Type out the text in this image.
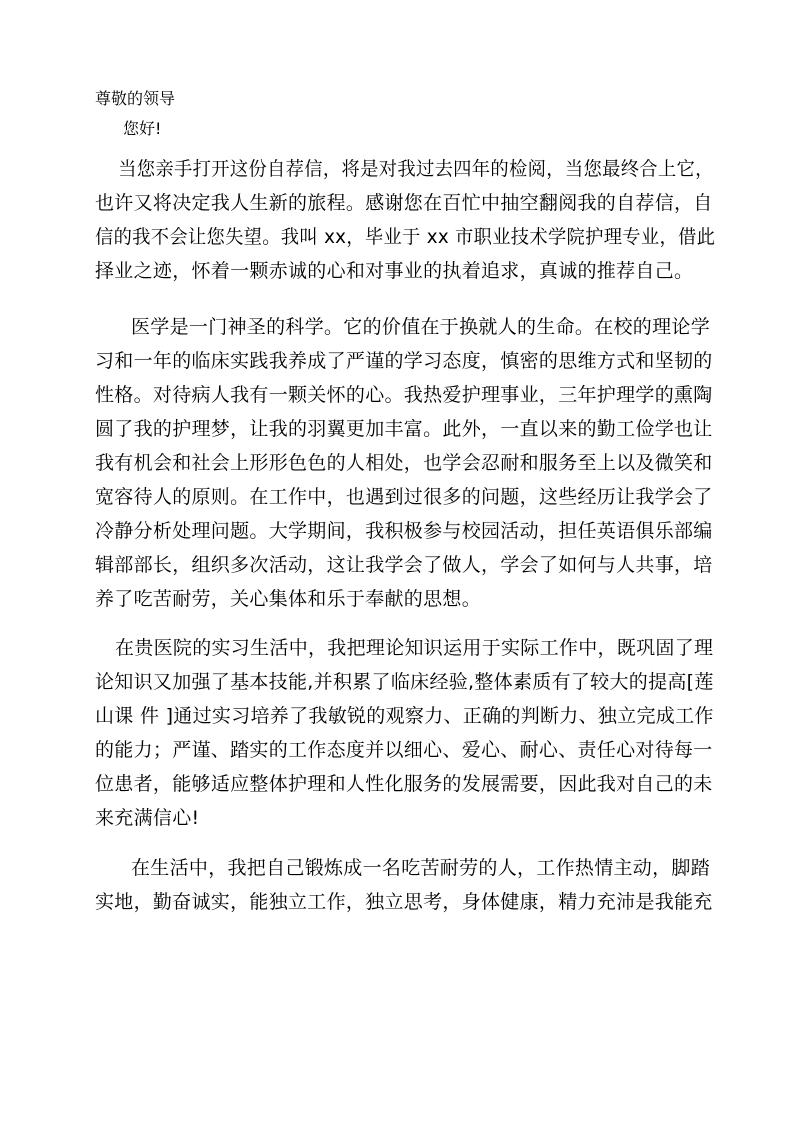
尊敬的领导

您好!

当您亲手打开这份自荐信，将是对我过去四年的检阅，当您最终合上它，
也许又将决定我人生新的旅程。感谢您在百忙中抽空翻阅我的自荐信，自
信的我不会让您失望。我叫 xx，毕业于 xx 市职业技术学院护理专业，借此
择业之迹，怀着一颗赤诚的心和对事业的执着追求，真诚的推荐自己。
医学是一门神圣的科学。它的价值在于换就人的生命。在校的理论学
习和一年的临床实践我养成了严谨的学习态度，慎密的思维方式和坚韧的
性格。对待病人我有一颗关怀的心。我热爱护理事业，三年护理学的熏陶
圆了我的护理梦，让我的羽翼更加丰富。此外，一直以来的勤工俭学也让
我有机会和社会上形形色色的人相处，也学会忍耐和服务至上以及微笑和
宽容待人的原则。在工作中，也遇到过很多的问题，这些经历让我学会了
冷静分析处理问题。大学期间，我积极参与校园活动，担任英语俱乐部编
辑部部长，组织多次活动，这让我学会了做人，学会了如何与人共事，培
养了吃苦耐劳，关心集体和乐于奉献的思想。
在贵医院的实习生活中，我把理论知识运用于实际工作中，既巩固了理
论知识又加强了基本技能,并积累了临床经验,整体素质有了较大的提高[莲
山课 件 ]通过实习培养了我敏锐的观察力、正确的判断力、独立完成工作
的能力；严谨、踏实的工作态度并以细心、爱心、耐心、责任心对待每一
位患者，能够适应整体护理和人性化服务的发展需要，因此我对自己的未
来充满信心!
在生活中，我把自己锻炼成一名吃苦耐劳的人，工作热情主动，脚踏
实地，勤奋诚实，能独立工作，独立思考，身体健康，精力充沛是我能充
